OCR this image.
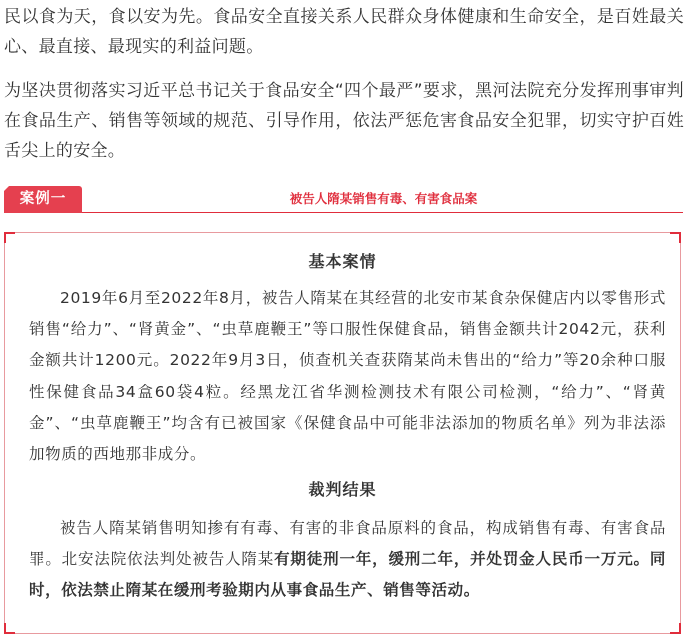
民以食为天，食以安为先。食品安全直接关系人民群众身体健康和生命安全，是百姓最关心、最直接、最现实的利益问题。

为坚决贯彻落实习近平总书记关于食品安全“四个最严”要求，黑河法院充分发挥刑事审判在食品生产、销售等领域的规范、引导作用，依法严惩危害食品安全犯罪，切实守护百姓舌尖上的安全。

案例一	被告人隋某销售有毒、有害食品案
基本案情

2019年6月至2022年8月，被告人隋某在其经营的北安市某食杂保健店内以零售形式销售“给力”、“肾黄金”、“虫草鹿鞭王”等口服性保健食品，销售金额共计2042元，获利金额共计1200元。2022年9月3日，侦查机关查获隋某尚未售出的“给力”等20余种口服性保健食品34盒60袋4粒。经黑龙江省华测检测技术有限公司检测，“给力”、“肾黄金”、“虫草鹿鞭王”均含有已被国家《保健食品中可能非法添加的物质名单》列为非法添加物质的西地那非成分。

裁判结果

被告人隋某销售明知掺有有毒、有害的非食品原料的食品，构成销售有毒、有害食品罪。北安法院依法判处被告人隋某有期徒刑一年，缓刑二年，并处罚金人民币一万元。同时，依法禁止隋某在缓刑考验期内从事食品生产、销售等活动。
